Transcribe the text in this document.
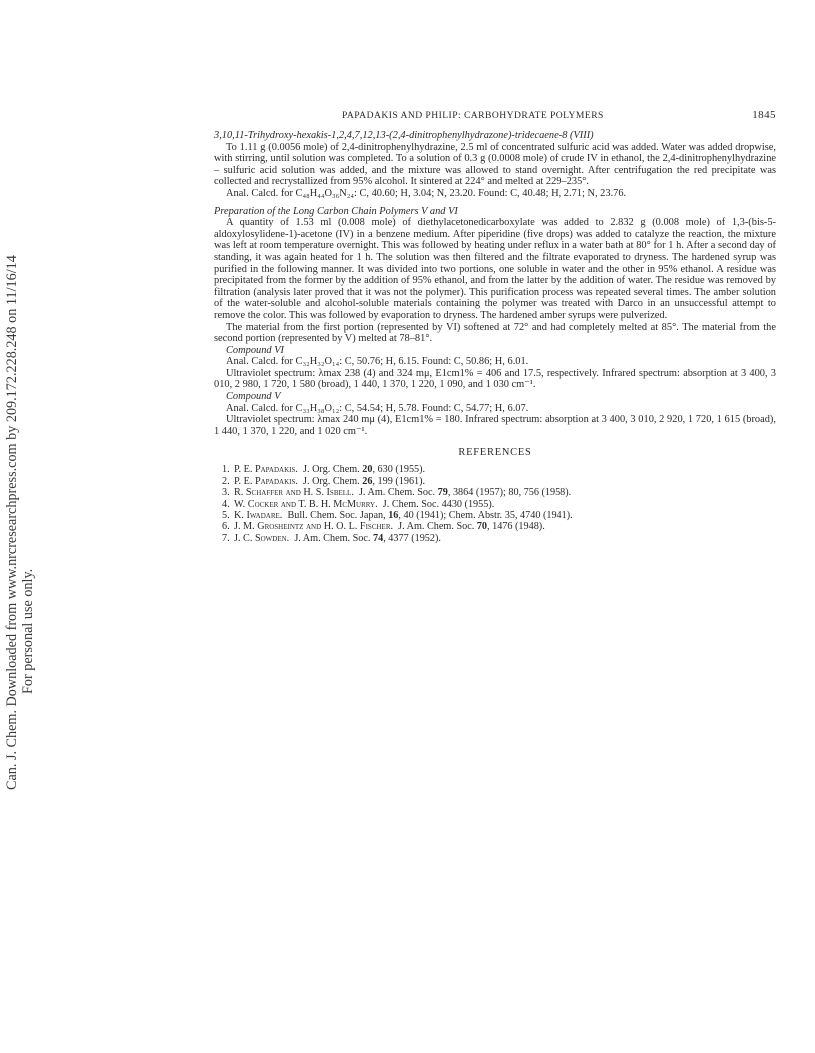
Can. J. Chem. Downloaded from www.nrcresearchpress.com by 209.172.228.248 on 11/16/14 For personal use only.
PAPADAKIS AND PHILIP: CARBOHYDRATE POLYMERS	1845

3,10,11-Trihydroxy-hexakis-1,2,4,7,12,13-(2,4-dinitrophenylhydrazone)-tridecaene-8 (VIII)

To 1.11 g (0.0056 mole) of 2,4-dinitrophenylhydrazine, 2.5 ml of concentrated sulfuric acid was added. Water was added dropwise, with stirring, until solution was completed. To a solution of 0.3 g (0.0008 mole) of crude IV in ethanol, the 2,4-dinitrophenylhydrazine – sulfuric acid solution was added, and the mixture was allowed to stand overnight. After centrifugation the red precipitate was collected and recrystallized from 95% alcohol. It sintered at 224° and melted at 229–235°.

Anal. Calcd. for C₄₈H₄₄O₃₆N₂₄: C, 40.60; H, 3.04; N, 23.20. Found: C, 40.48; H, 2.71; N, 23.76.

Preparation of the Long Carbon Chain Polymers V and VI

A quantity of 1.53 ml (0.008 mole) of diethylacetonedicarboxylate was added to 2.832 g (0.008 mole) of 1,3-(bis-5-aldoxylosylidene-1)-acetone (IV) in a benzene medium. After piperidine (five drops) was added to catalyze the reaction, the mixture was left at room temperature overnight. This was followed by heating under reflux in a water bath at 80° for 1 h. After a second day of standing, it was again heated for 1 h. The solution was then filtered and the filtrate evaporated to dryness. The hardened syrup was purified in the following manner. It was divided into two portions, one soluble in water and the other in 95% ethanol. A residue was precipitated from the former by the addition of 95% ethanol, and from the latter by the addition of water. The residue was removed by filtration (analysis later proved that it was not the polymer). This purification process was repeated several times. The amber solution of the water-soluble and alcohol-soluble materials containing the polymer was treated with Darco in an unsuccessful attempt to remove the color. This was followed by evaporation to dryness. The hardened amber syrups were pulverized.

The material from the first portion (represented by VI) softened at 72° and had completely melted at 85°. The material from the second portion (represented by V) melted at 78–81°.

Compound VI

Anal. Calcd. for C₃₂H₃₂O₁₄: C, 50.76; H, 6.15. Found: C, 50.86; H, 6.01.

Ultraviolet spectrum: λmax 238 (4) and 324 mμ, E1cm1% = 406 and 17.5, respectively. Infrared spectrum: absorption at 3 400, 3 010, 2 980, 1 720, 1 580 (broad), 1 440, 1 370, 1 220, 1 090, and 1 030 cm⁻¹.

Compound V

Anal. Calcd. for C₃₃H₃₈O₁₂: C, 54.54; H, 5.78. Found: C, 54.77; H, 6.07.

Ultraviolet spectrum: λmax 240 mμ (4), E1cm1% = 180. Infrared spectrum: absorption at 3 400, 3 010, 2 920, 1 720, 1 615 (broad), 1 440, 1 370, 1 220, and 1 020 cm⁻¹.

REFERENCES
1. P. E. Papadakis. J. Org. Chem. 20, 630 (1955).
2. P. E. Papadakis. J. Org. Chem. 26, 199 (1961).
3. R. Schaffer and H. S. Isbell. J. Am. Chem. Soc. 79, 3864 (1957); 80, 756 (1958).
4. W. Cocker and T. B. H. McMurry. J. Chem. Soc. 4430 (1955).
5. K. Iwadare. Bull. Chem. Soc. Japan, 16, 40 (1941); Chem. Abstr. 35, 4740 (1941).
6. J. M. Grosheintz and H. O. L. Fischer. J. Am. Chem. Soc. 70, 1476 (1948).
7. J. C. Sowden. J. Am. Chem. Soc. 74, 4377 (1952).
